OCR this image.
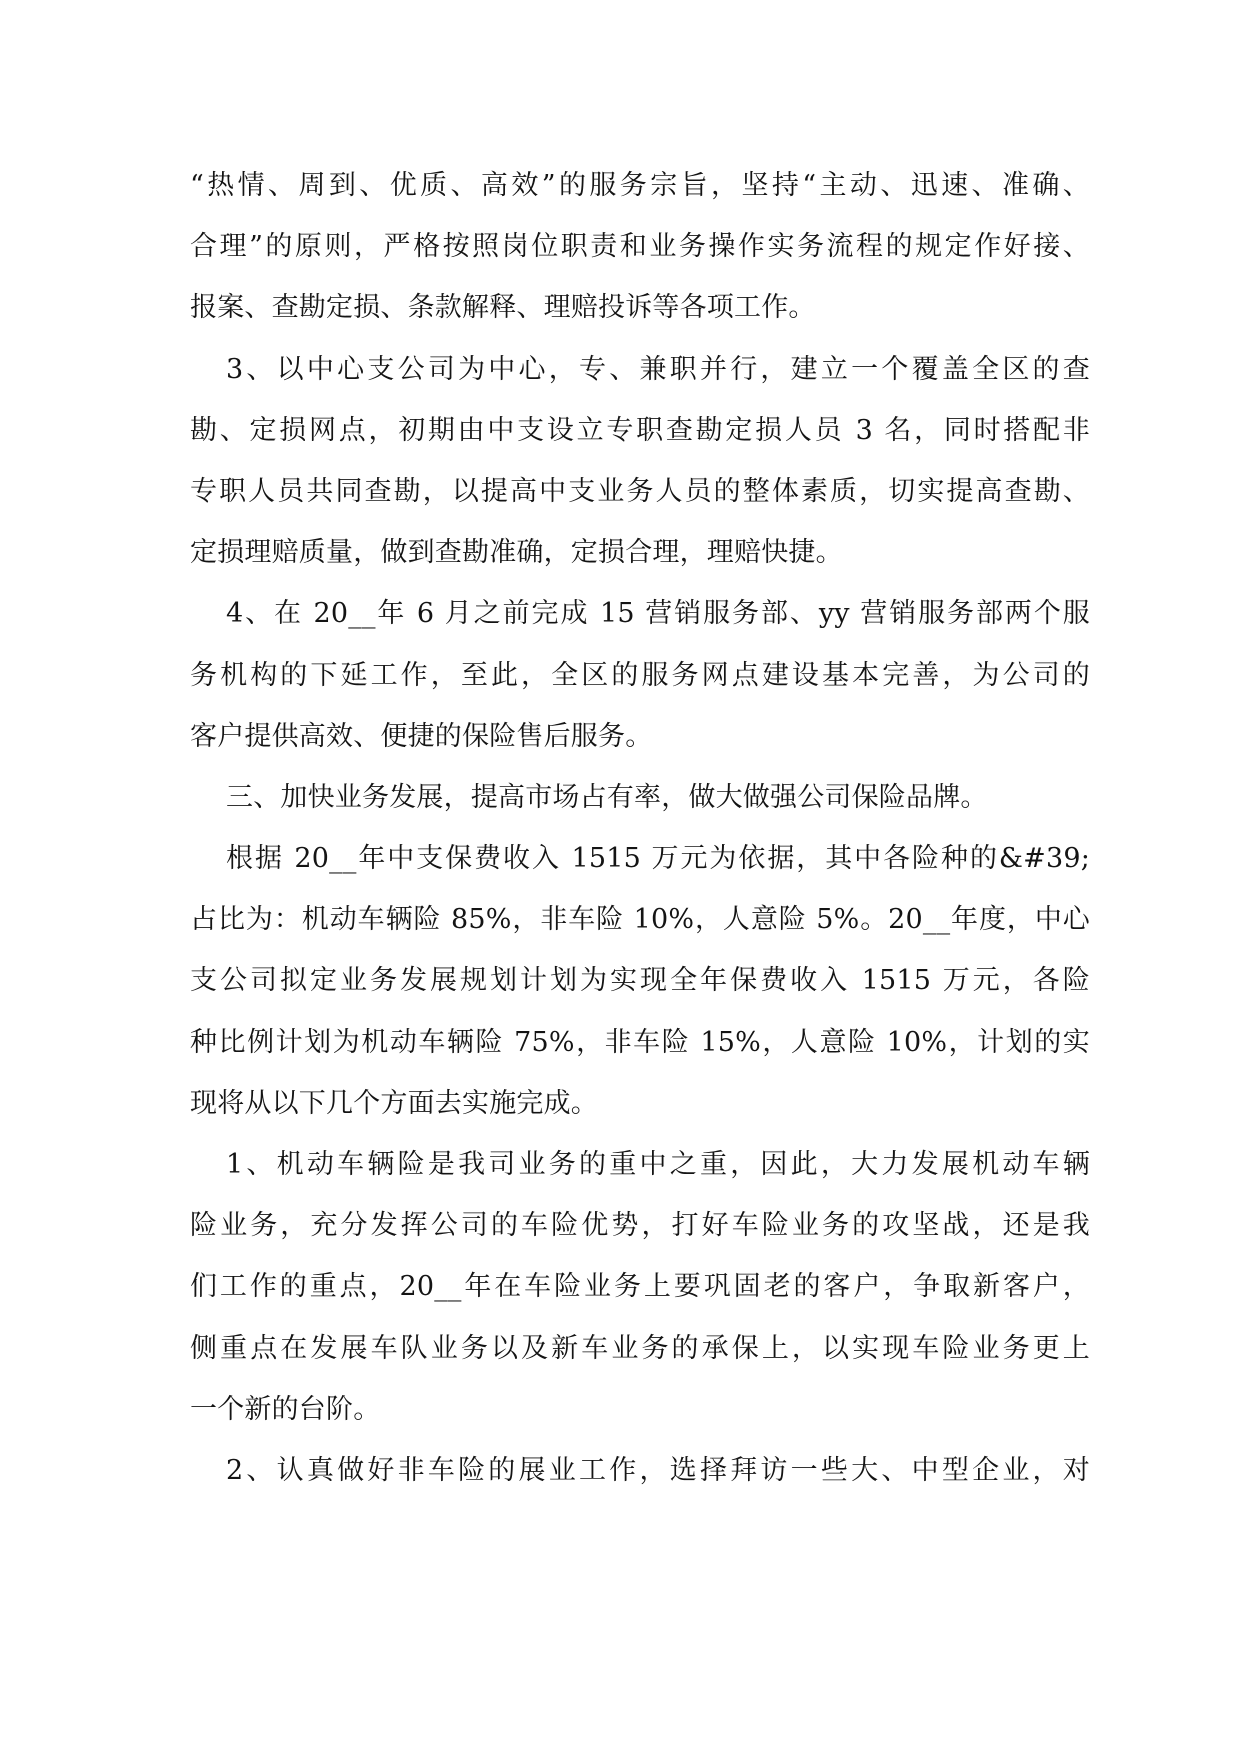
“热情、周到、优质、高效”的服务宗旨，坚持“主动、迅速、准确、
合理”的原则，严格按照岗位职责和业务操作实务流程的规定作好接、
报案、查勘定损、条款解释、理赔投诉等各项工作。
3、以中心支公司为中心，专、兼职并行，建立一个覆盖全区的查
勘、定损网点，初期由中支设立专职查勘定损人员 3 名，同时搭配非
专职人员共同查勘，以提高中支业务人员的整体素质，切实提高查勘、
定损理赔质量，做到查勘准确，定损合理，理赔快捷。
4、在 20__年 6 月之前完成 15 营销服务部、yy 营销服务部两个服
务机构的下延工作，至此，全区的服务网点建设基本完善，为公司的
客户提供高效、便捷的保险售后服务。
三、加快业务发展，提高市场占有率，做大做强公司保险品牌。
根据 20__年中支保费收入 1515 万元为依据，其中各险种的&#39;
占比为：机动车辆险 85%，非车险 10%，人意险 5%。20__年度，中心
支公司拟定业务发展规划计划为实现全年保费收入 1515 万元，各险
种比例计划为机动车辆险 75%，非车险 15%，人意险 10%，计划的实
现将从以下几个方面去实施完成。
1、机动车辆险是我司业务的重中之重，因此，大力发展机动车辆
险业务，充分发挥公司的车险优势，打好车险业务的攻坚战，还是我
们工作的重点，20__年在车险业务上要巩固老的客户，争取新客户，
侧重点在发展车队业务以及新车业务的承保上，以实现车险业务更上
一个新的台阶。
2、认真做好非车险的展业工作，选择拜访一些大、中型企业，对
